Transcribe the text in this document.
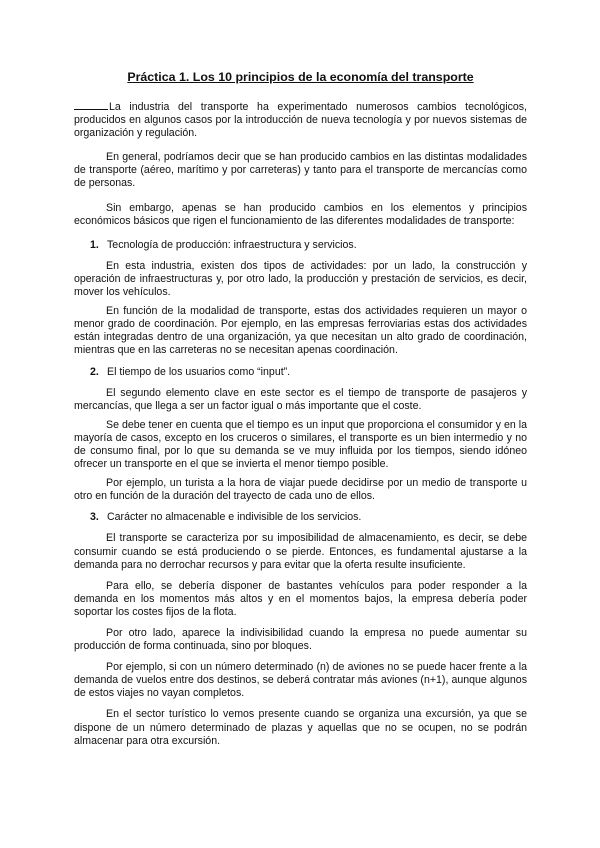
Práctica 1. Los 10 principios de la economía del transporte

La industria del transporte ha experimentado numerosos cambios tecnológicos, producidos en algunos casos por la introducción de nueva tecnología y por nuevos sistemas de organización y regulación.

En general, podríamos decir que se han producido cambios en las distintas modalidades de transporte (aéreo, marítimo y por carreteras) y tanto para el transporte de mercancías como de personas.

Sin embargo, apenas se han producido cambios en los elementos y principios económicos básicos que rigen el funcionamiento de las diferentes modalidades de transporte:

1. Tecnología de producción: infraestructura y servicios.

En esta industria, existen dos tipos de actividades: por un lado, la construcción y operación de infraestructuras y, por otro lado, la producción y prestación de servicios, es decir, mover los vehículos.

En función de la modalidad de transporte, estas dos actividades requieren un mayor o menor grado de coordinación. Por ejemplo, en las empresas ferroviarias estas dos actividades están integradas dentro de una organización, ya que necesitan un alto grado de coordinación, mientras que en las carreteras no se necesitan apenas coordinación.

2. El tiempo de los usuarios como “input”.

El segundo elemento clave en este sector es el tiempo de transporte de pasajeros y mercancías, que llega a ser un factor igual o más importante que el coste.

Se debe tener en cuenta que el tiempo es un input que proporciona el consumidor y en la mayoría de casos, excepto en los cruceros o similares, el transporte es un bien intermedio y no de consumo final, por lo que su demanda se ve muy influida por los tiempos, siendo idóneo ofrecer un transporte en el que se invierta el menor tiempo posible.

Por ejemplo, un turista a la hora de viajar puede decidirse por un medio de transporte u otro en función de la duración del trayecto de cada uno de ellos.

3. Carácter no almacenable e indivisible de los servicios.

El transporte se caracteriza por su imposibilidad de almacenamiento, es decir, se debe consumir cuando se está produciendo o se pierde. Entonces, es fundamental ajustarse a la demanda para no derrochar recursos y para evitar que la oferta resulte insuficiente.

Para ello, se debería disponer de bastantes vehículos para poder responder a la demanda en los momentos más altos y en el momentos bajos, la empresa debería poder soportar los costes fijos de la flota.

Por otro lado, aparece la indivisibilidad cuando la empresa no puede aumentar su producción de forma continuada, sino por bloques.

Por ejemplo, si con un número determinado (n) de aviones no se puede hacer frente a la demanda de vuelos entre dos destinos, se deberá contratar más aviones (n+1), aunque algunos de estos viajes no vayan completos.

En el sector turístico lo vemos presente cuando se organiza una excursión, ya que se dispone de un número determinado de plazas y aquellas que no se ocupen, no se podrán almacenar para otra excursión.
